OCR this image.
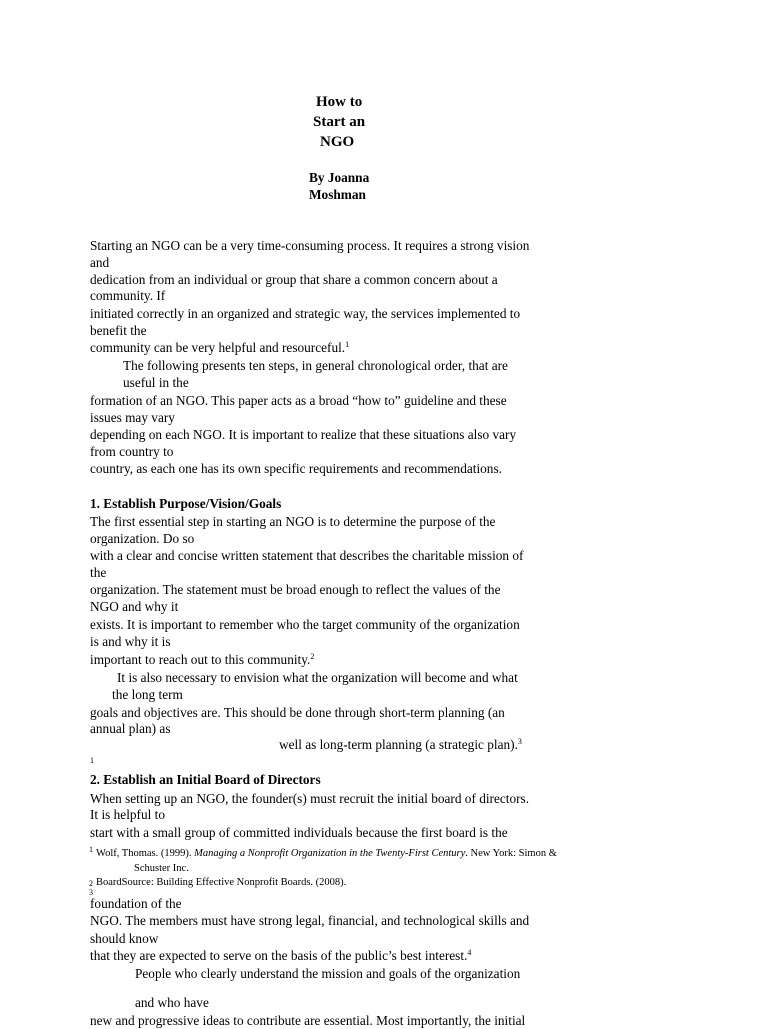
How to
Start an
NGO
By Joanna
Moshman
Starting an NGO can be a very time-consuming process. It requires a strong vision
and
dedication from an individual or group that share a common concern about a
community. If
initiated correctly in an organized and strategic way, the services implemented to
benefit the
community can be very helpful and resourceful.$^1$
The following presents ten steps, in general chronological order, that are
useful in the
formation of an NGO. This paper acts as a broad “how to” guideline and these
issues may vary
depending on each NGO. It is important to realize that these situations also vary
from country to
country, as each one has its own specific requirements and recommendations.
1. Establish Purpose/Vision/Goals
The first essential step in starting an NGO is to determine the purpose of the
organization. Do so
with a clear and concise written statement that describes the charitable mission of
the
organization. The statement must be broad enough to reflect the values of the
NGO and why it
exists. It is important to remember who the target community of the organization
is and why it is
important to reach out to this community.$^2$
It is also necessary to envision what the organization will become and what
the long term
goals and objectives are. This should be done through short-term planning (an
annual plan) as
well as long-term planning (a strategic plan).$^3$
1
2. Establish an Initial Board of Directors
When setting up an NGO, the founder(s) must recruit the initial board of directors.
It is helpful to
start with a small group of committed individuals because the first board is the
1 Wolf, Thomas. (1999). Managing a Nonprofit Organization in the Twenty-First Century. New York: Simon &
Schuster Inc.
2 BoardSource: Building Effective Nonprofit Boards. (2008).
3
foundation of the
NGO. The members must have strong legal, financial, and technological skills and
should know
that they are expected to serve on the basis of the public’s best interest.$^4$
People who clearly understand the mission and goals of the organization
and who have
new and progressive ideas to contribute are essential. Most importantly, the initial
